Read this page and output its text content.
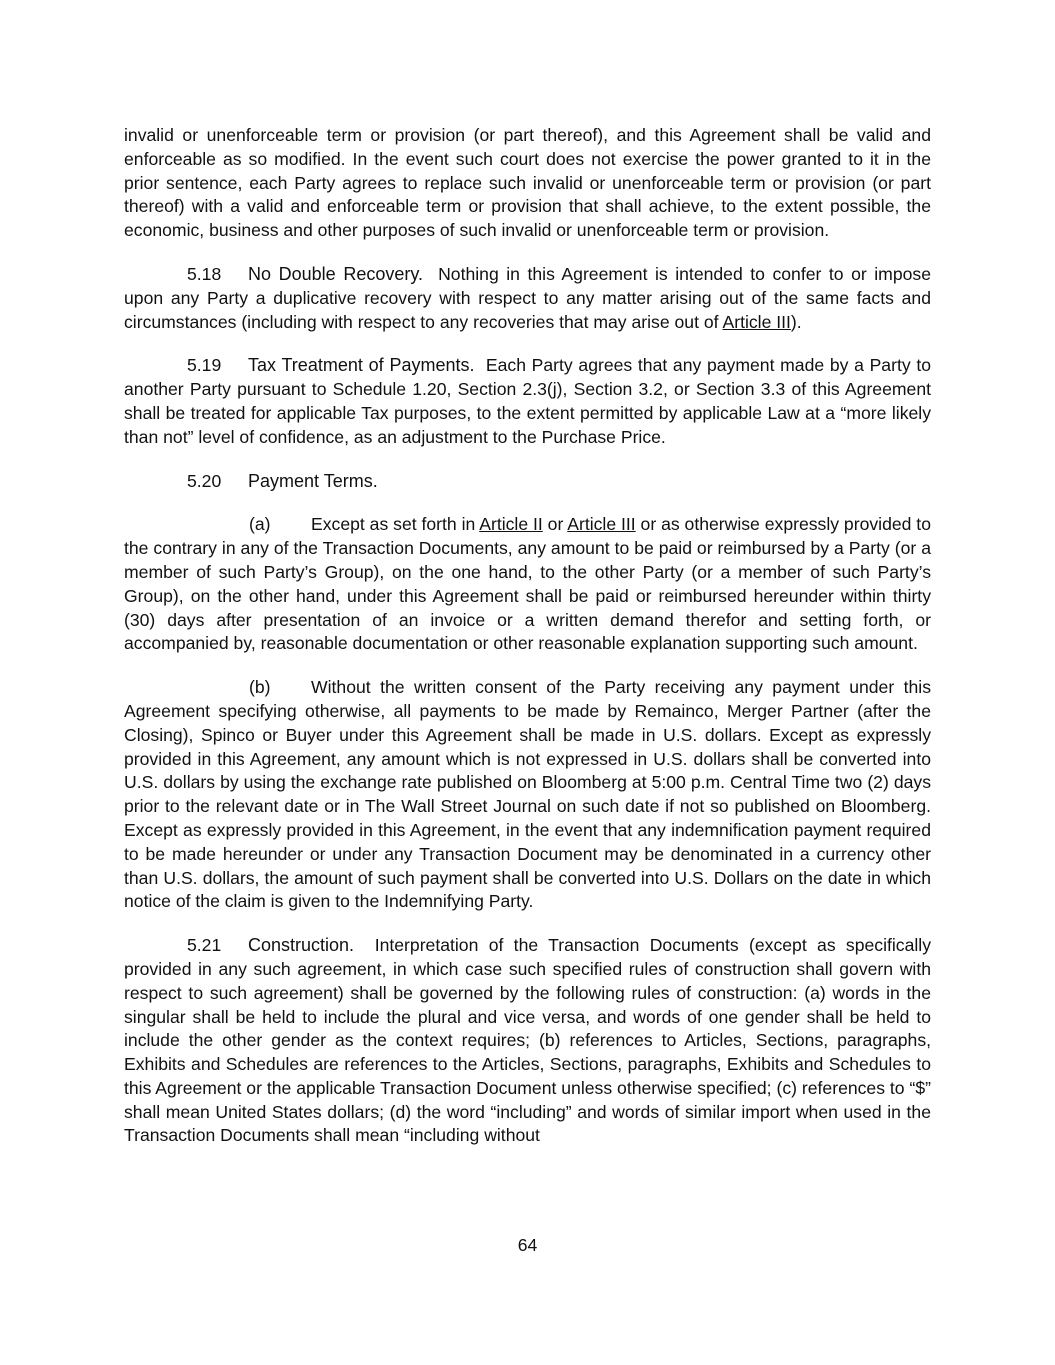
invalid or unenforceable term or provision (or part thereof), and this Agreement shall be valid and enforceable as so modified. In the event such court does not exercise the power granted to it in the prior sentence, each Party agrees to replace such invalid or unenforceable term or provision (or part thereof) with a valid and enforceable term or provision that shall achieve, to the extent possible, the economic, business and other purposes of such invalid or unenforceable term or provision.

5.18 No Double Recovery. Nothing in this Agreement is intended to confer to or impose upon any Party a duplicative recovery with respect to any matter arising out of the same facts and circumstances (including with respect to any recoveries that may arise out of Article III).

5.19 Tax Treatment of Payments. Each Party agrees that any payment made by a Party to another Party pursuant to Schedule 1.20, Section 2.3(j), Section 3.2, or Section 3.3 of this Agreement shall be treated for applicable Tax purposes, to the extent permitted by applicable Law at a “more likely than not” level of confidence, as an adjustment to the Purchase Price.

5.20 Payment Terms.

(a) Except as set forth in Article II or Article III or as otherwise expressly provided to the contrary in any of the Transaction Documents, any amount to be paid or reimbursed by a Party (or a member of such Party’s Group), on the one hand, to the other Party (or a member of such Party’s Group), on the other hand, under this Agreement shall be paid or reimbursed hereunder within thirty (30) days after presentation of an invoice or a written demand therefor and setting forth, or accompanied by, reasonable documentation or other reasonable explanation supporting such amount.

(b) Without the written consent of the Party receiving any payment under this Agreement specifying otherwise, all payments to be made by Remainco, Merger Partner (after the Closing), Spinco or Buyer under this Agreement shall be made in U.S. dollars. Except as expressly provided in this Agreement, any amount which is not expressed in U.S. dollars shall be converted into U.S. dollars by using the exchange rate published on Bloomberg at 5:00 p.m. Central Time two (2) days prior to the relevant date or in The Wall Street Journal on such date if not so published on Bloomberg. Except as expressly provided in this Agreement, in the event that any indemnification payment required to be made hereunder or under any Transaction Document may be denominated in a currency other than U.S. dollars, the amount of such payment shall be converted into U.S. Dollars on the date in which notice of the claim is given to the Indemnifying Party.

5.21 Construction. Interpretation of the Transaction Documents (except as specifically provided in any such agreement, in which case such specified rules of construction shall govern with respect to such agreement) shall be governed by the following rules of construction: (a) words in the singular shall be held to include the plural and vice versa, and words of one gender shall be held to include the other gender as the context requires; (b) references to Articles, Sections, paragraphs, Exhibits and Schedules are references to the Articles, Sections, paragraphs, Exhibits and Schedules to this Agreement or the applicable Transaction Document unless otherwise specified; (c) references to “$” shall mean United States dollars; (d) the word “including” and words of similar import when used in the Transaction Documents shall mean “including without

64
